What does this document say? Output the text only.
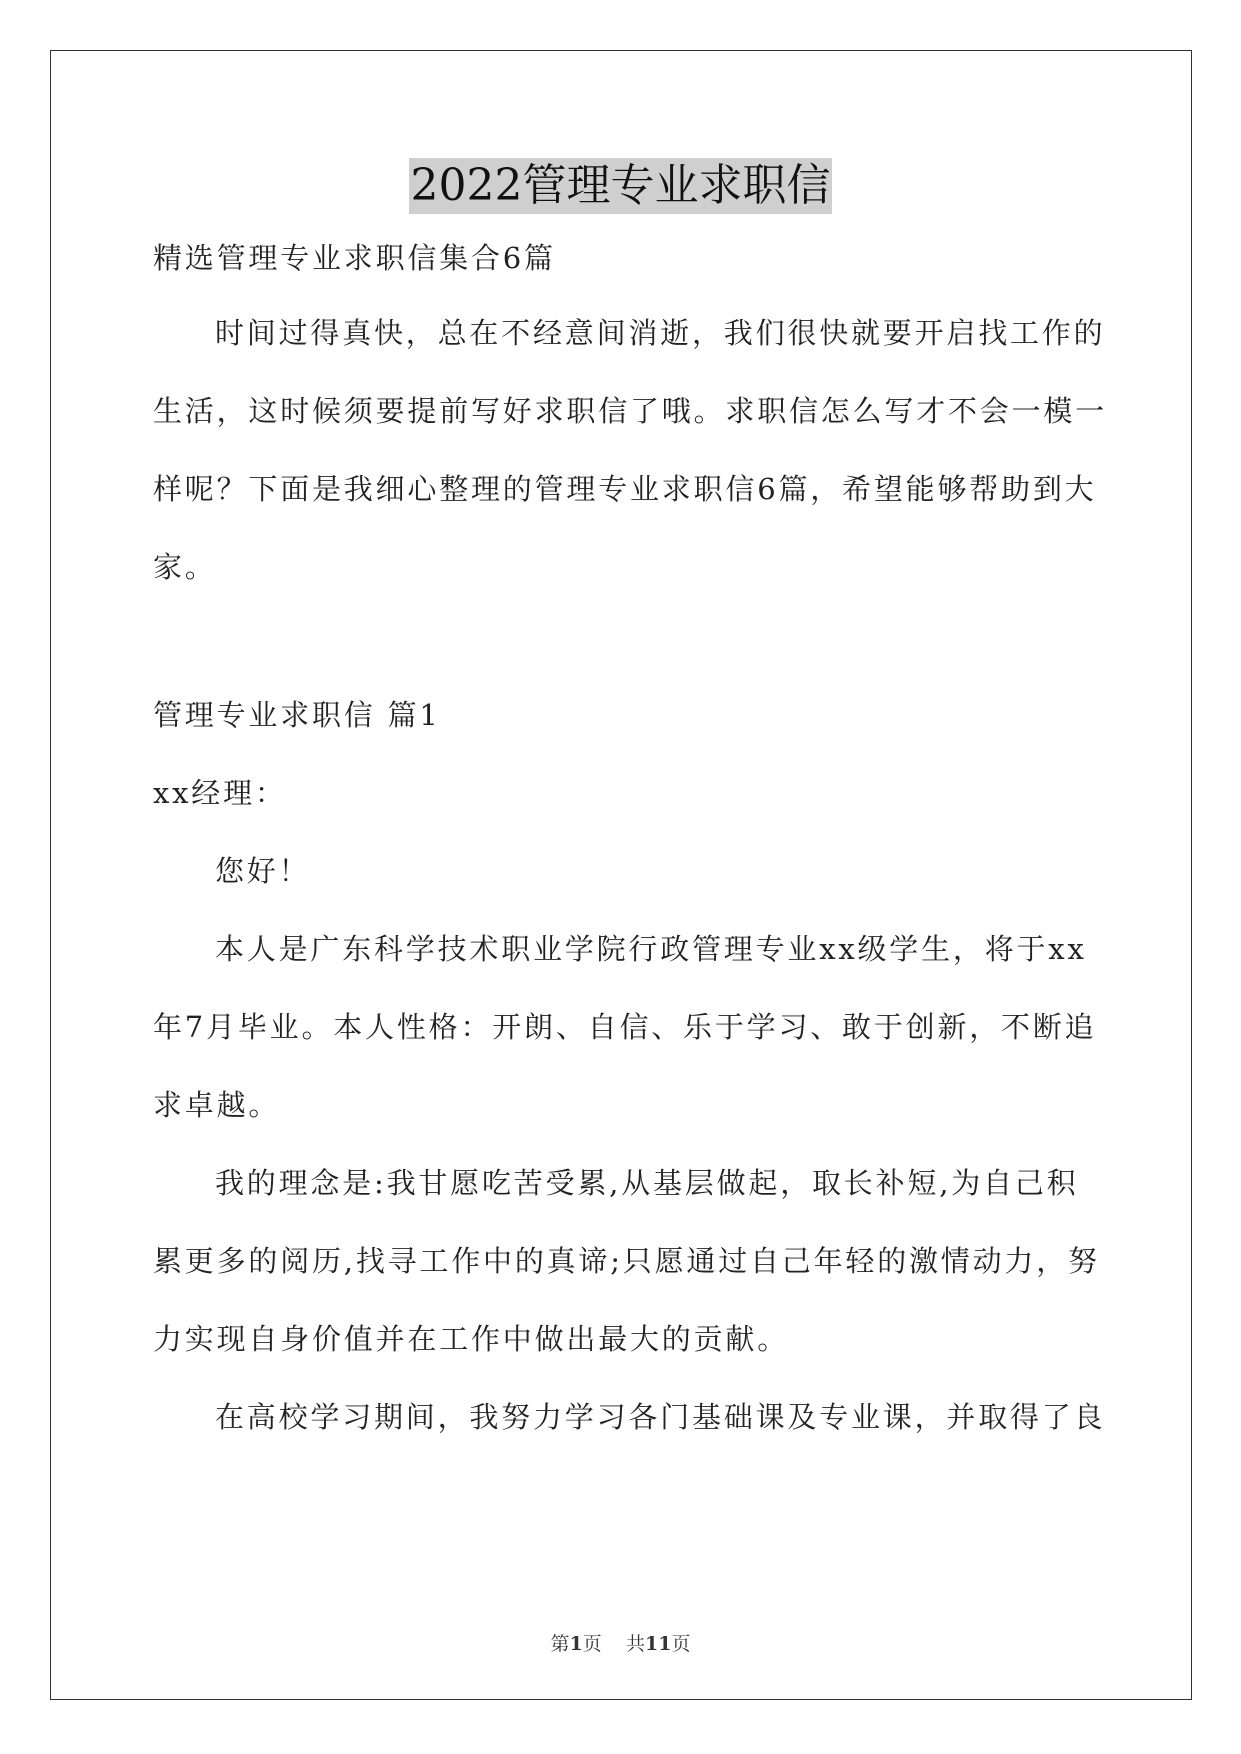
2022管理专业求职信
精选管理专业求职信集合6篇
时间过得真快，总在不经意间消逝，我们很快就要开启找工作的
生活，这时候须要提前写好求职信了哦。求职信怎么写才不会一模一
样呢？下面是我细心整理的管理专业求职信6篇，希望能够帮助到大
家。
管理专业求职信 篇1
xx经理：
您好！
本人是广东科学技术职业学院行政管理专业xx级学生，将于xx
年7月毕业。本人性格：开朗、自信、乐于学习、敢于创新，不断追
求卓越。
我的理念是:我甘愿吃苦受累,从基层做起，取长补短,为自己积
累更多的阅历,找寻工作中的真谛;只愿通过自己年轻的激情动力，努
力实现自身价值并在工作中做出最大的贡献。
在高校学习期间，我努力学习各门基础课及专业课，并取得了良
第1页 共11页
